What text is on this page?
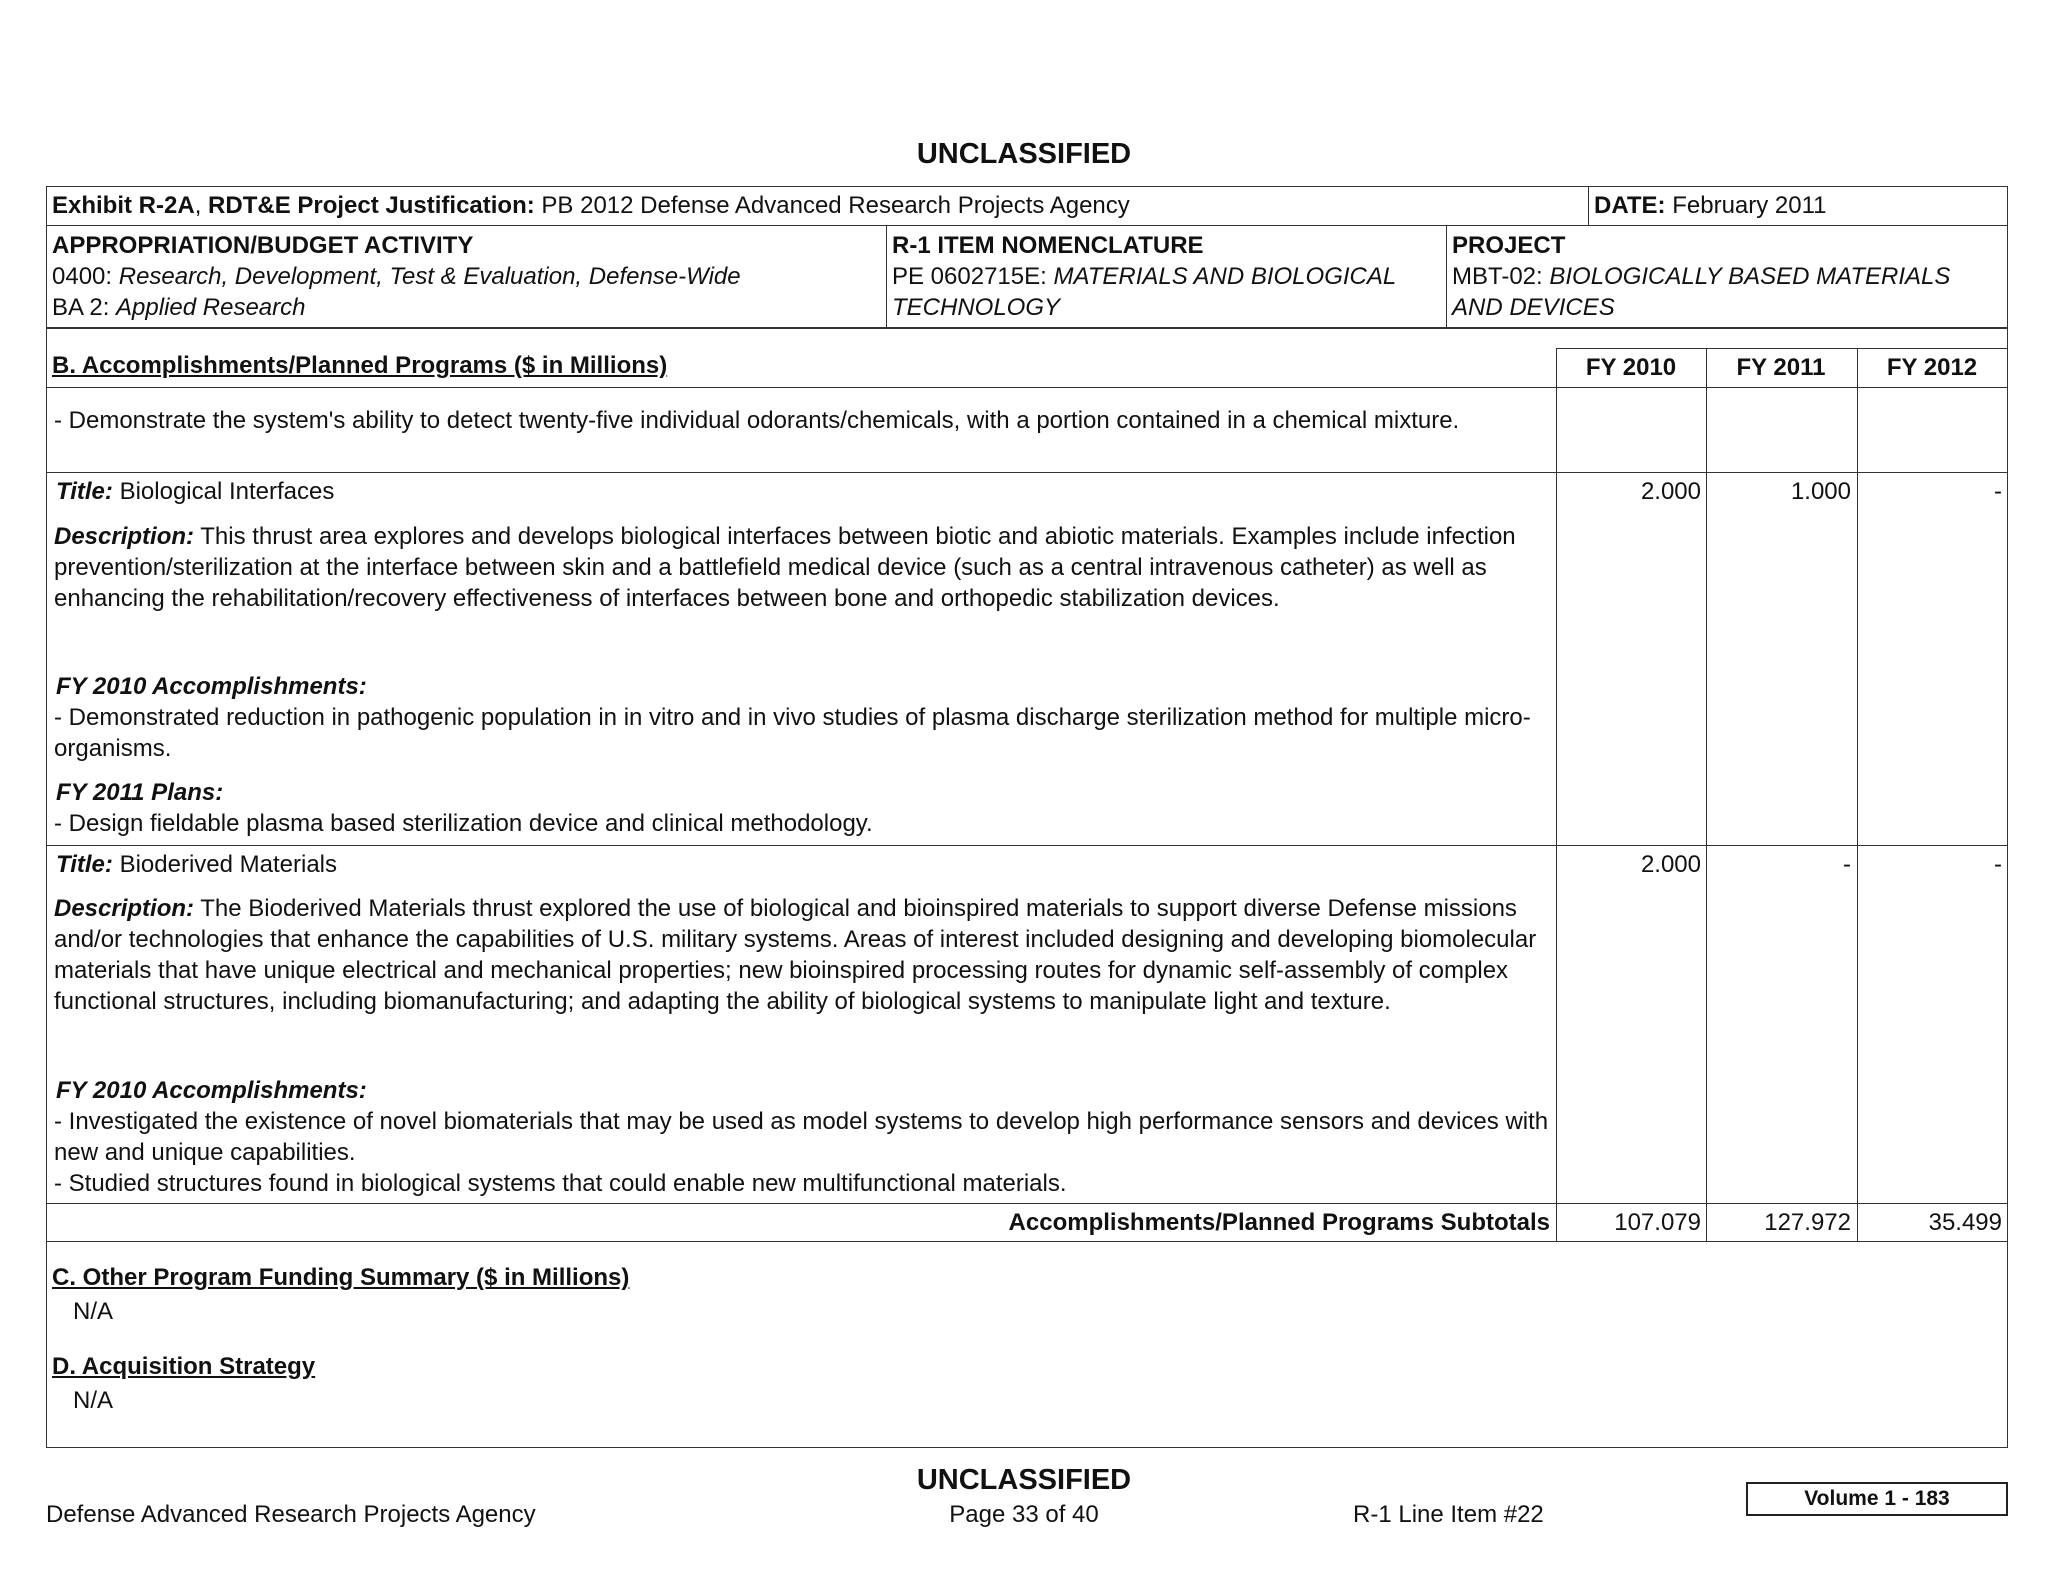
UNCLASSIFIED
Exhibit R-2A, RDT&E Project Justification: PB 2012 Defense Advanced Research Projects Agency	DATE: February 2011
APPROPRIATION/BUDGET ACTIVITY
0400: Research, Development, Test & Evaluation, Defense-Wide
BA 2: Applied Research
R-1 ITEM NOMENCLATURE
PE 0602715E: MATERIALS AND BIOLOGICAL
TECHNOLOGY
PROJECT
MBT-02: BIOLOGICALLY BASED MATERIALS
AND DEVICES
B. Accomplishments/Planned Programs ($ in Millions)	FY 2010	FY 2011	FY 2012
- Demonstrate the system's ability to detect twenty-five individual odorants/chemicals, with a portion contained in a chemical mixture.
Title: Biological Interfaces	2.000	1.000	-
Description: This thrust area explores and develops biological interfaces between biotic and abiotic materials. Examples include infection prevention/sterilization at the interface between skin and a battlefield medical device (such as a central intravenous catheter) as well as enhancing the rehabilitation/recovery effectiveness of interfaces between bone and orthopedic stabilization devices.
FY 2010 Accomplishments:
- Demonstrated reduction in pathogenic population in in vitro and in vivo studies of plasma discharge sterilization method for multiple micro-organisms.
FY 2011 Plans:
- Design fieldable plasma based sterilization device and clinical methodology.
Title: Bioderived Materials	2.000	-	-
Description: The Bioderived Materials thrust explored the use of biological and bioinspired materials to support diverse Defense missions and/or technologies that enhance the capabilities of U.S. military systems. Areas of interest included designing and developing biomolecular materials that have unique electrical and mechanical properties; new bioinspired processing routes for dynamic self-assembly of complex functional structures, including biomanufacturing; and adapting the ability of biological systems to manipulate light and texture.
FY 2010 Accomplishments:
- Investigated the existence of novel biomaterials that may be used as model systems to develop high performance sensors and devices with new and unique capabilities.
- Studied structures found in biological systems that could enable new multifunctional materials.
Accomplishments/Planned Programs Subtotals	107.079	127.972	35.499
C. Other Program Funding Summary ($ in Millions)
N/A
D. Acquisition Strategy
N/A
UNCLASSIFIED
Defense Advanced Research Projects Agency	Page 33 of 40	R-1 Line Item #22
Volume 1 - 183
